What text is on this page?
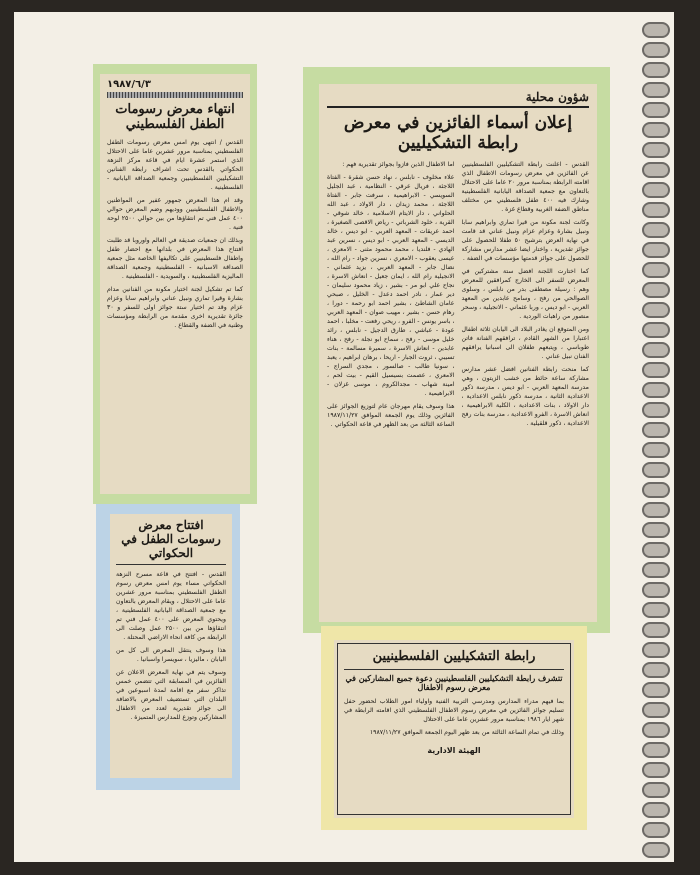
١٩٨٧/٦/٣
انتهاء معرض رسومات الطفل الفلسطيني

القدس / انتهى يوم امس معرض رسومات الطفل الفلسطيني بمناسبة مرور عشرين عاما على الاحتلال الذي استمر عشرة ايام في قاعة مركز النزهة الحكواتي بالقدس تحت اشراف رابطة الفنانين التشكيليين الفلسطينيين وجمعية الصداقة اليابانية - الفلسطينية .

وقد ام هذا المعرض جمهور غفير من المواطنين والاطفال الفلسطينيين ووديهم وضم المعرض حوالي ٤٠٠ عمل فني تم انتقاؤها من بين حوالي ٢٥٠٠ لوحة فنية .

وبذلك ان جمعيات صديقة في العالم واوروبا قد طلبت افتتاح هذا المعرض في بلدانها مع احضار طفل واطفال فلسطينيين على تكاليفها الخاصة مثل جمعية الصداقة الاسبانية - الفلسطينية وجمعية الصداقة الماليزية الفلسطينية ، والسويدية - الفلسطينية .

كما تم تشكيل لجنة اختيار مكونة من الفنانين مدام بشارة وقيرا تماري ونبيل عناني وابراهيم سابا وعزام عزام وقد تم اختيار ستة جوائز اولى للسفر و ٣٠ جائزة تقديرية اخرى مقدمة من الرابطة ومؤسسات وطنية في الضفة والقطاع .

افتتاح معرض رسومات الطفل في الحكواتي

القدس - افتتح في قاعة مسرح النزهة الحكواتي مساء يوم امس معرض رسوم الطفل الفلسطيني بمناسبة مرور عشرين عاما على الاحتلال ، ويقام المعرض بالتعاون مع جمعية الصداقة اليابانية الفلسطينية ، ويحتوي المعرض على ٤٠٠ عمل فني تم انتقاؤها من بين ٢٥٠٠ عمل وصلت الى الرابطة من كافة انحاء الاراضي المحتلة .

هذا وسوف ينتقل المعرض الى كل من اليابان ، ماليزيا ، سويسرا واسبانيا .

وسوف يتم في نهاية المعرض الاعلان عن الفائزين في المسابقة التي تتضمن خمس تذاكر سفر مع اقامة لمدة اسبوعين في البلدان التي تستضيف المعرض بالاضافة الى جوائز تقديرية لعدد من الاطفال المشاركين وتوزع للمدارس المتميزة .

شؤون محلية
إعلان أسماء الفائزين في معرض رابطة التشكيليين

القدس - اعلنت رابطة التشكيليين الفلسطينيين عن الفائزين في معرض رسومات الاطفال الذي اقامته الرابطة بمناسبة مرور ٢٠ عاما على الاحتلال بالتعاون مع جمعية الصداقة اليابانية الفلسطينية وشارك فيه ٤٠٠ طفل فلسطيني من مختلف مناطق الضفة الغربية وقطاع غزة .

وكانت لجنة مكونة من قيرا تماري وابراهيم سابا ونبيل بشارة وعزام عزام ونبيل عناني قد قامت في نهاية العرض بترشيح ٥٠ طفلا للحصول على جوائز تقديرية ، واختار ايضا عشر مدارس مشاركة للحصول على جوائز قدمتها مؤسسات في الضفة .

كما اختارت اللجنة افضل ستة مشتركين في المعرض للسفر الى الخارج كمرافقين للمعرض وهم : رسيلة مصطفى بدر من نابلس ، وسلوى الصوالحي من رفح ، وسامح عابدين من المعهد العربي - ابو ديس ، وربا عثماني - الانجيلية ، وسحر منصور من راهبات الوردية .

ومن المتوقع ان يغادر البلاد الى اليابان ثلاثة اطفال اعتبارا من الشهر القادم ، ترافقهم الفنانة فاتن طوباسي ، ويتبعهم طفلان الى اسبانيا يرافقهم الفنان نبيل عناني .

كما منحت رابطة الفنانين افضل عشر مدارس مشاركة ساعة حائط من خشب الزيتون ، وهي مدرسة المعهد العربي - ابو ديس ، مدرسة ذكور الاعدادية الثانية ، مدرسة ذكور نابلس الاعدادية ، دار الاولاد ، بنات الاعدادية ، الكلية الابراهيمية ، انعاش الاسرة ، الفرو الاعدادية ، مدرسة بنات رفح الاعدادية ، ذكور قلقيلية .

اما الاطفال الذين فازوا بجوائز تقديرية فهم :

علاء مخلوف - نابلس ، نهاد حسن شقرة - الفتاة اللاجئة ، فريال عرقي - النظامية ، عبد الجليل السويسي - الابراهيمية ، سرفت جابر - الفتاة اللاجئة ، محمد زيدان ، دار الاولاد ، عبد الله الحلواني ، دار الايتام الاسلامية ، خالد شوقي - القرية ، خلود الشرباتي - رياض الاقصى الصغيرة ، احمد عريقات - المعهد العربي - ابو ديس ، خالد الديسي - المعهد العربي - ابو ديس ، نسرين عبد الهادي - فلنديا ، محمد محمود مثنى - الامعري ، عيسى يعقوب - الامعري ، نسرين جواد - رام الله ، نضال جابر - المعهد العربي ، يزيد عثماني - الانجيلية رام الله ، ايمان جعيل - انعاش الاسرة ، نجاح علي ابو مر - بشير ، زياد محمود سليمان - دير عمار ، نادر احمد دعدل - الخليل ، صبحي عامان الشاطئ ، بشير احمد ابو رحمة - دورا ، رهام حسن - بشير ، مهيب صوان - المعهد العربي ، باسر يونس - الفرو ، ريحي رفعت - مخلبا ، احمد عودة - عباشي ، طارق الدجيل - نابلس ، رائد خليل موسى - رفح ، سماح ابو نجلة - رفح ، هناء عابدين - انعاش الاسرة ، سميرة مسالمة - بنات تسيبي ، ثروت الجبار - اريحا ، برهان ابراهيم ، يعبد ، سونيا طالب - صالسور ، مجدي السراج - الامعري ، عصمت بسيسيل القيم - بيت لحم ، امينة شهاب - مجدالكروم ، موسى غزلان - الابراهيمية .

هذا وسوف يقام مهرجان عام لتوزيع الجوائز على الفائزين وذلك يوم الجمعة الموافق ١٩٨٧/١١/٢٧ الساعة الثالثة من بعد الظهر في قاعة الحكواتي .

رابطة التشكيليين الفلسطينيين
تتشرف رابطة التشكيليين الفلسطينيين دعوة جميع المشاركين في معرض رسوم الاطفال

بما فيهم مدراء المدارس ومدرسي التربية الفنية واولياء امور الطلاب لحضور حفل تسليم جوائز الفائزين في معرض رسوم الاطفال الفلسطيني الذي اقامته الرابطة في شهر ايار ١٩٨٦ بمناسبة مرور عشرين عاما على الاحتلال

وذلك في تمام الساعة الثالثة من بعد ظهر اليوم الجمعة الموافق ١٩٨٧/١١/٢٧

الهيئة الادارية
